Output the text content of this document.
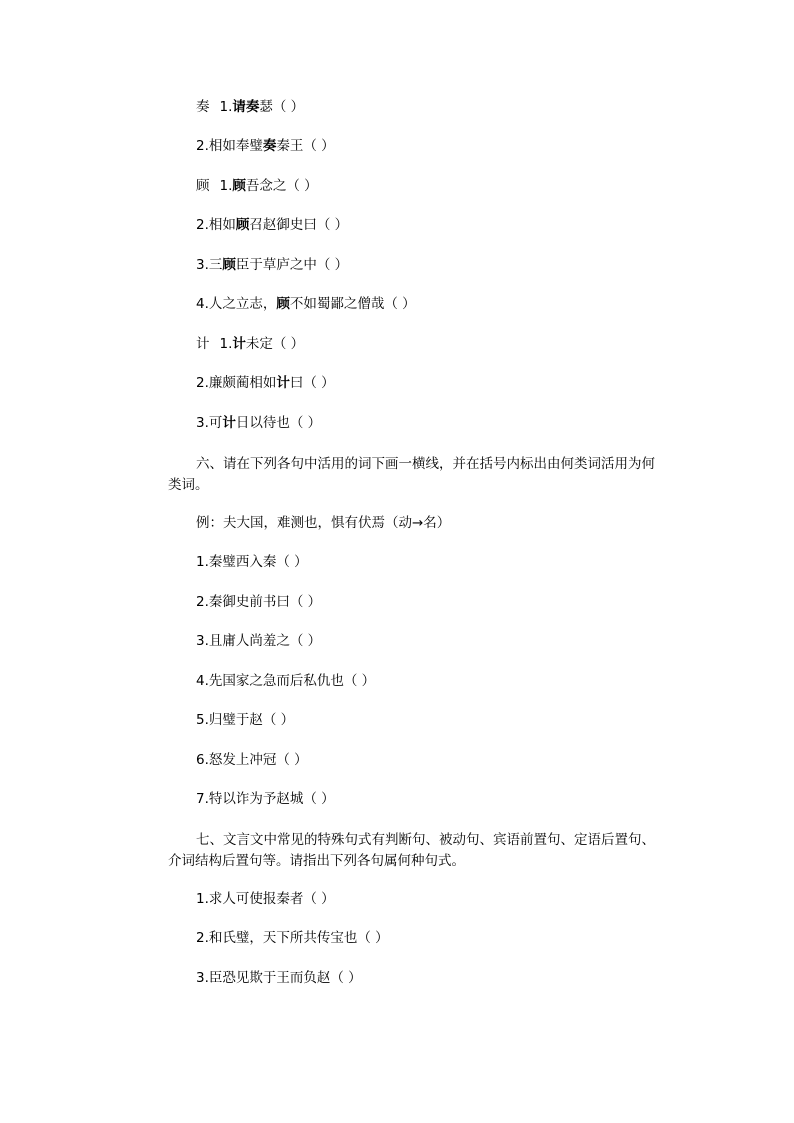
奏 1.请奏瑟（ ）
2.相如奉璧奏秦王（ ）
顾 1.顾吾念之（ ）
2.相如顾召赵御史曰（ ）
3.三顾臣于草庐之中（ ）
4.人之立志，顾不如蜀鄙之僧哉（ ）
计 1.计未定（ ）
2.廉颇蔺相如计曰（ ）
3.可计日以待也（ ）
六、请在下列各句中活用的词下画一横线，并在括号内标出由何类词活用为何
类词。
例：夫大国，难测也，惧有伏焉（动→名）
1.秦璧西入秦（ ）
2.秦御史前书曰（ ）
3.且庸人尚羞之（ ）
4.先国家之急而后私仇也（ ）
5.归璧于赵（ ）
6.怒发上冲冠（ ）
7.特以诈为予赵城（ ）
七、文言文中常见的特殊句式有判断句、被动句、宾语前置句、定语后置句、
介词结构后置句等。请指出下列各句属何种句式。
1.求人可使报秦者（ ）
2.和氏璧，天下所共传宝也（ ）
3.臣恐见欺于王而负赵（ ）
